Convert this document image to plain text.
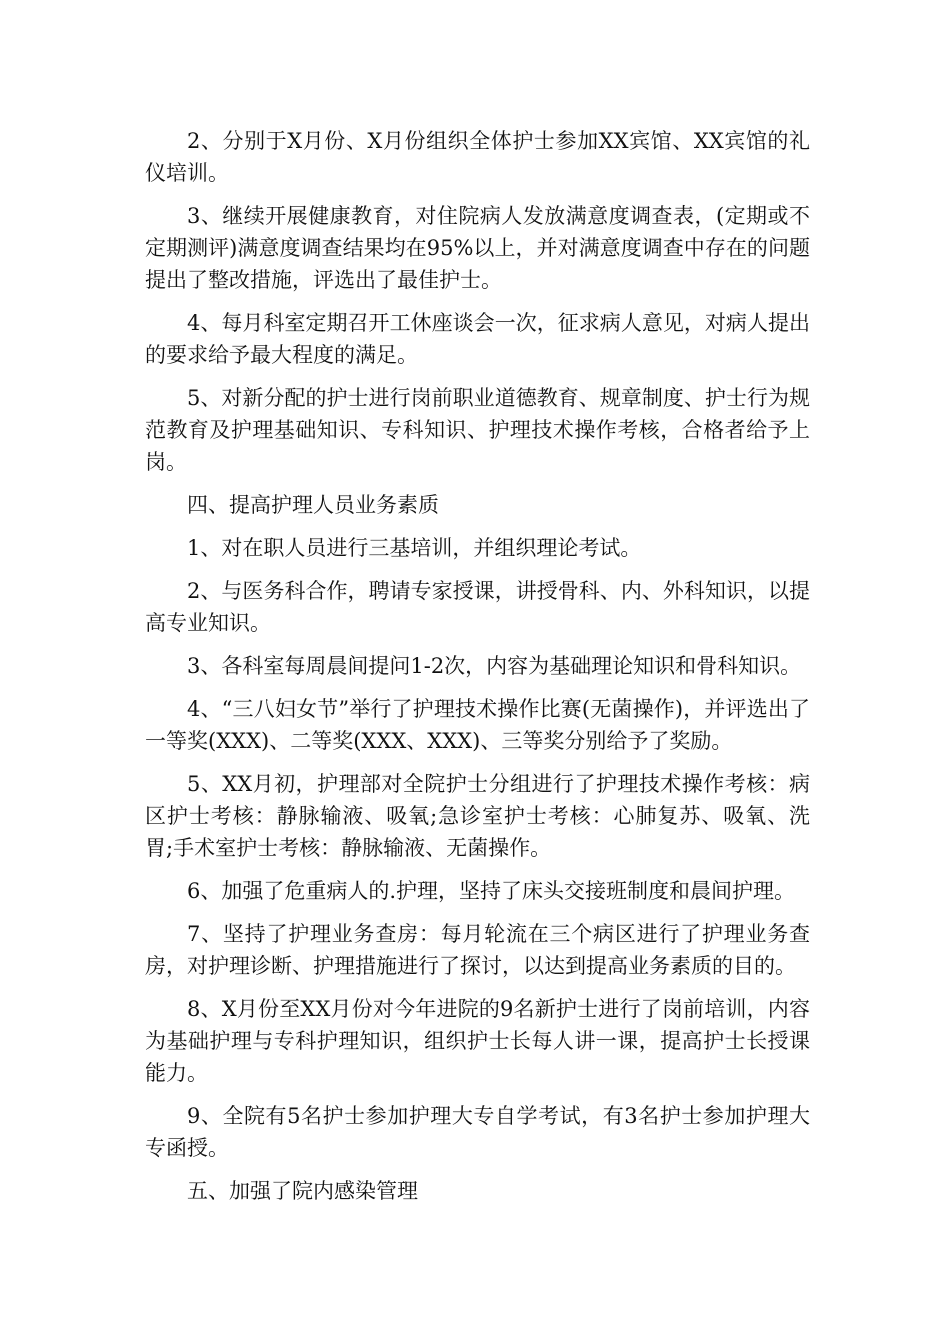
2、分别于X月份、X月份组织全体护士参加XX宾馆、XX宾馆的礼仪培训。

3、继续开展健康教育，对住院病人发放满意度调查表，(定期或不定期测评)满意度调查结果均在95%以上，并对满意度调查中存在的问题提出了整改措施，评选出了最佳护士。

4、每月科室定期召开工休座谈会一次，征求病人意见，对病人提出的要求给予最大程度的满足。

5、对新分配的护士进行岗前职业道德教育、规章制度、护士行为规范教育及护理基础知识、专科知识、护理技术操作考核，合格者给予上岗。

四、提高护理人员业务素质

1、对在职人员进行三基培训，并组织理论考试。

2、与医务科合作，聘请专家授课，讲授骨科、内、外科知识，以提高专业知识。

3、各科室每周晨间提问1-2次，内容为基础理论知识和骨科知识。

4、“三八妇女节”举行了护理技术操作比赛(无菌操作)，并评选出了一等奖(XXX)、二等奖(XXX、XXX)、三等奖分别给予了奖励。

5、XX月初，护理部对全院护士分组进行了护理技术操作考核：病区护士考核：静脉输液、吸氧;急诊室护士考核：心肺复苏、吸氧、洗胃;手术室护士考核：静脉输液、无菌操作。

6、加强了危重病人的.护理，坚持了床头交接班制度和晨间护理。

7、坚持了护理业务查房：每月轮流在三个病区进行了护理业务查房，对护理诊断、护理措施进行了探讨，以达到提高业务素质的目的。

8、X月份至XX月份对今年进院的9名新护士进行了岗前培训，内容为基础护理与专科护理知识，组织护士长每人讲一课，提高护士长授课能力。

9、全院有5名护士参加护理大专自学考试，有3名护士参加护理大专函授。

五、加强了院内感染管理
